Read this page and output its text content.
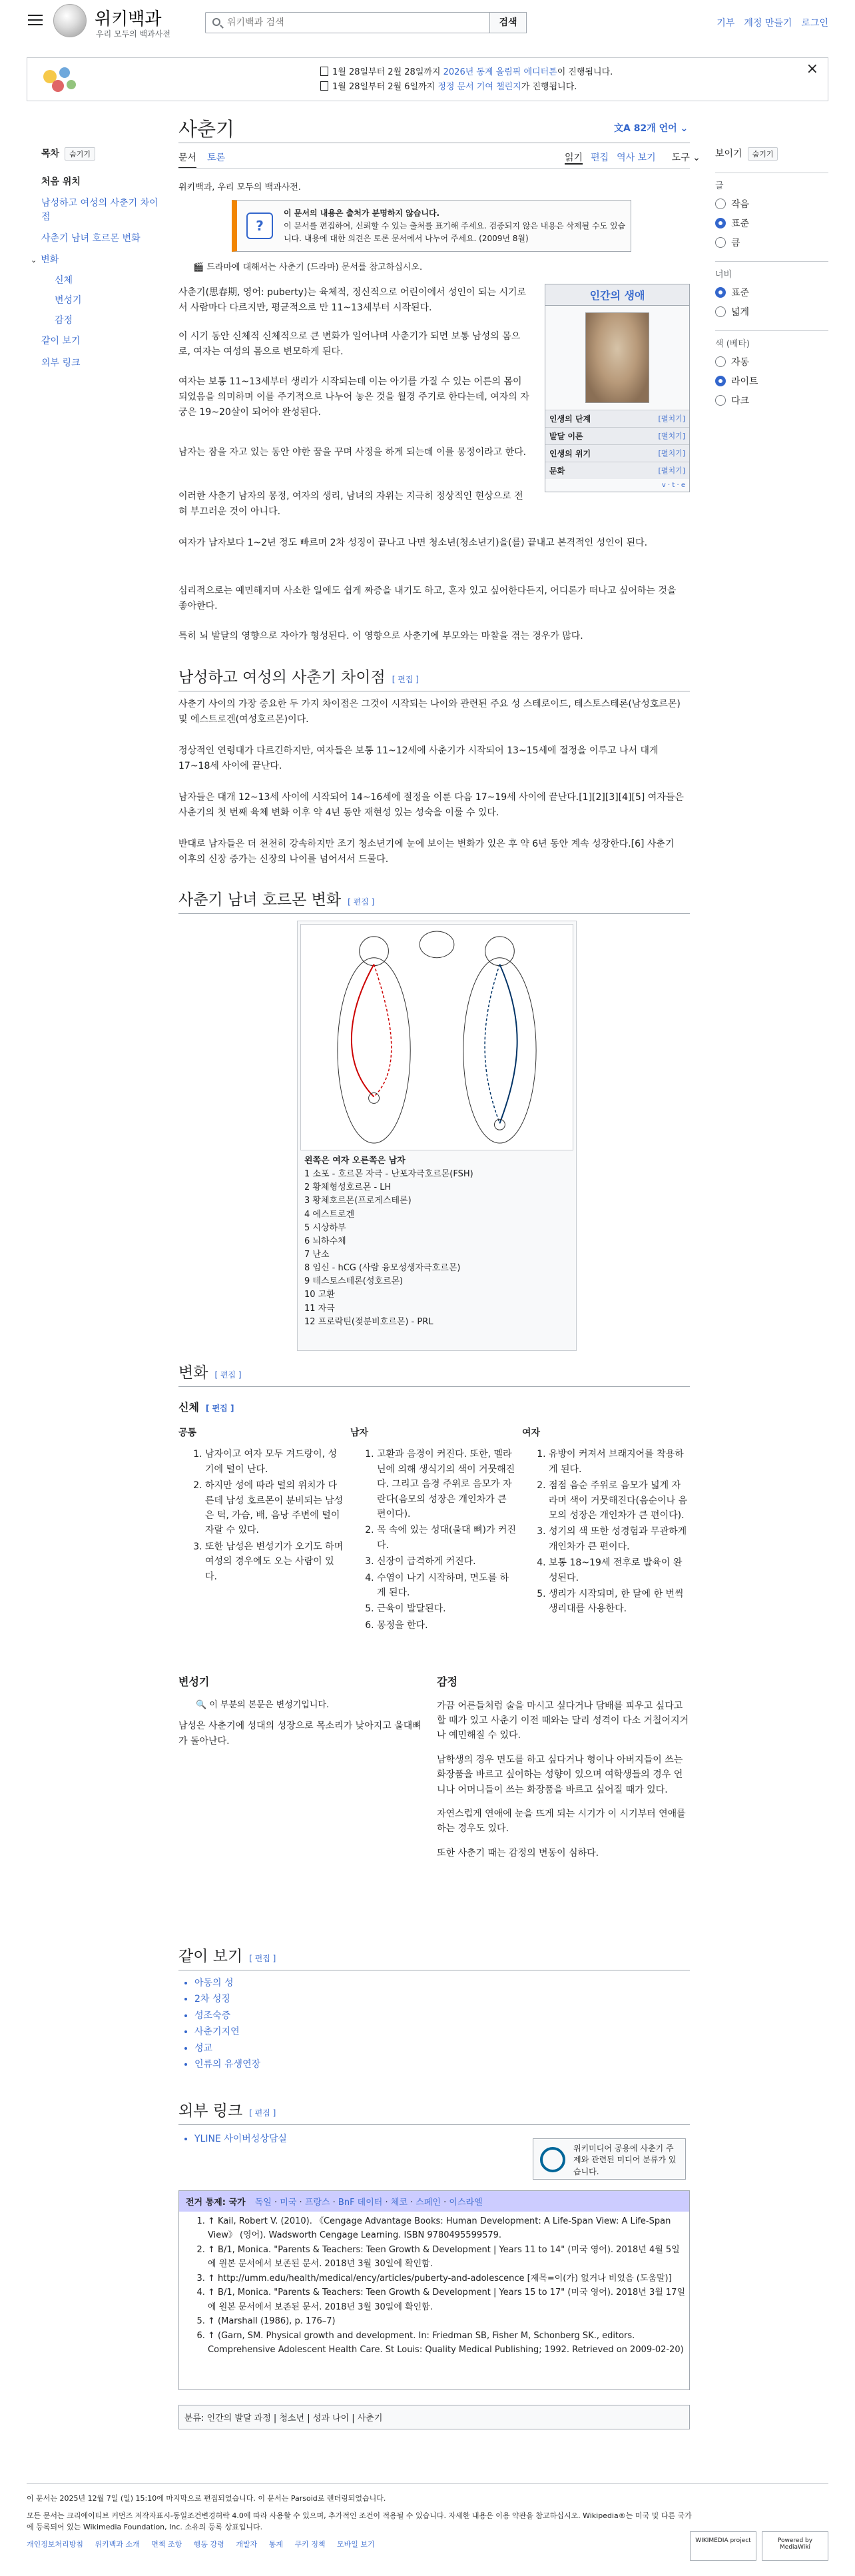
위키백과
우리 모두의 백과사전
위키백과 검색
검색	기부 계정 만들기 로그인
1월 28일부터 2월 28일까지 2026년 동계 올림픽 에디터톤이 진행됩니다.
1월 28일부터 2월 6일까지 정정 문서 기여 챌린지가 진행됩니다.
×
목차 숨기기
처음 위치
남성하고 여성의 사춘기 차이점
사춘기 남녀 호르몬 변화
⌄ 변화
신체
변성기
감정
같이 보기
외부 링크
보이기 숨기기
글
작음
표준
큼
너비
표준
넓게
색 (베타)
자동
라이트
다크
사춘기	文A 82개 언어 ⌄
문서 토론	읽기 편집 역사 보기 도구 ⌄
위키백과, 우리 모두의 백과사전.
?
이 문서의 내용은 출처가 분명하지 않습니다.
이 문서를 편집하여, 신뢰할 수 있는 출처를 표기해 주세요. 검증되지 않은 내용은 삭제될 수도 있습니다. 내용에 대한 의견은 토론 문서에서 나누어 주세요. (2009년 8월)
🎬 드라마에 대해서는 사춘기 (드라마) 문서를 참고하십시오.
인간의 생애
인생의 단계	[펼치기]
발달 이론	[펼치기]
인생의 위기	[펼치기]
문화	[펼치기]
v · t · e
사춘기(思春期, 영어: puberty)는 육체적, 정신적으로 어린이에서 성인이 되는 시기로서 사람마다 다르지만, 평균적으로 만 11~13세부터 시작된다.
이 시기 동안 신체적 신체적으로 큰 변화가 일어나며 사춘기가 되면 보통 남성의 몸으로, 여자는 여성의 몸으로 변모하게 된다.
여자는 보통 11~13세부터 생리가 시작되는데 이는 아기를 가질 수 있는 어른의 몸이 되었음을 의미하며 이를 주기적으로 나누어 놓은 것을 월경 주기로 한다는데, 여자의 자궁은 19~20살이 되어야 완성된다.
남자는 잠을 자고 있는 동안 야한 꿈을 꾸며 사정을 하게 되는데 이를 몽정이라고 한다.
이러한 사춘기 남자의 몽정, 여자의 생리, 남녀의 자위는 지극히 정상적인 현상으로 전혀 부끄러운 것이 아니다.
여자가 남자보다 1~2년 정도 빠르며 2차 성징이 끝나고 나면 청소년(청소년기)을(를) 끝내고 본격적인 성인이 된다.
심리적으로는 예민해지며 사소한 일에도 쉽게 짜증을 내기도 하고, 혼자 있고 싶어한다든지, 어디론가 떠나고 싶어하는 것을 좋아한다.
특히 뇌 발달의 영향으로 자아가 형성된다. 이 영향으로 사춘기에 부모와는 마찰을 겪는 경우가 많다.
남성하고 여성의 사춘기 차이점 [ 편집 ]
사춘기 사이의 가장 중요한 두 가지 차이점은 그것이 시작되는 나이와 관련된 주요 성 스테로이드, 테스토스테론(남성호르몬) 및 에스트로겐(여성호르몬)이다.
정상적인 연령대가 다르긴하지만, 여자들은 보통 11~12세에 사춘기가 시작되어 13~15세에 절정을 이루고 나서 대게 17~18세 사이에 끝난다.
남자들은 대개 12~13세 사이에 시작되어 14~16세에 절정을 이룬 다음 17~19세 사이에 끝난다.[1][2][3][4][5] 여자들은 사춘기의 첫 번째 육체 변화 이후 약 4년 동안 재현성 있는 성숙을 이룰 수 있다.
반대로 남자들은 더 천천히 강속하지만 조기 청소년기에 눈에 보이는 변화가 있은 후 약 6년 동안 계속 성장한다.[6] 사춘기 이후의 신장 증가는 신장의 나이를 넘어서서 드물다.
사춘기 남녀 호르몬 변화 [ 편집 ]
왼쪽은 여자 오른쪽은 남자
1 소포 - 호르몬 자극 - 난포자극호르몬(FSH)
2 황체형성호르몬 - LH
3 황체호르몬(프로게스테론)
4 에스트로겐
5 시상하부
6 뇌하수체
7 난소
8 임신 - hCG (사람 융모성생자극호르몬)
9 테스토스테론(성호르몬)
10 고환
11 자극
12 프로락틴(젖분비호르몬) - PRL
변화 [ 편집 ]
신체 [ 편집 ]
공통
1. 남자이고 여자 모두 겨드랑이, 성기에 털이 난다.
2. 하지만 성에 따라 털의 위치가 다른데 남성 호르몬이 분비되는 남성은 턱, 가슴, 배, 음낭 주변에 털이 자랄 수 있다.
3. 또한 남성은 변성기가 오기도 하며 여성의 경우에도 오는 사람이 있다.
남자
1. 고환과 음경이 커진다. 또한, 멜라닌에 의해 생식기의 색이 거뭇해진다. 그리고 음경 주위로 음모가 자란다(음모의 성장은 개인차가 큰 편이다).
2. 목 속에 있는 성대(울대 뼈)가 커진다.
3. 신장이 급격하게 커진다.
4. 수염이 나기 시작하며, 면도를 하게 된다.
5. 근육이 발달된다.
6. 몽정을 한다.
여자
1. 유방이 커져서 브래지어를 착용하게 된다.
2. 점점 음순 주위로 음모가 넓게 자라며 색이 거뭇해진다(음순이나 음모의 성장은 개인차가 큰 편이다).
3. 성기의 색 또한 성경험과 무관하게 개인차가 큰 편이다.
4. 보통 18~19세 전후로 발육이 완성된다.
5. 생리가 시작되며, 한 달에 한 번씩 생리대를 사용한다.
변성기
🔍 이 부분의 본문은 변성기입니다.
남성은 사춘기에 성대의 성장으로 목소리가 낮아지고 울대뼈가 돌아난다.
감정
가끔 어른들처럼 술을 마시고 싶다거나 담배를 피우고 싶다고 할 때가 있고 사춘기 이전 때와는 달리 성격이 다소 거칠어지거나 예민해질 수 있다.
남학생의 경우 면도를 하고 싶다거나 형이나 아버지들이 쓰는 화장품을 바르고 싶어하는 성향이 있으며 여학생들의 경우 언니나 어머니들이 쓰는 화장품을 바르고 싶어질 때가 있다.
자연스럽게 연애에 눈을 뜨게 되는 시기가 이 시기부터 연애를 하는 경우도 있다.
또한 사춘기 때는 감정의 변동이 심하다.
같이 보기 [ 편집 ]
• 아동의 성
• 2차 성징
• 성조숙증
• 사춘기지연
• 성교
• 인류의 유생연장
외부 링크 [ 편집 ]
• YLINE 사이버성상담실
위키미디어 공용에 사춘기 주제와 관련된 미디어 분류가 있습니다.
전거 통제: 국가 독일 · 미국 · 프랑스 · BnF 데이터 · 체코 · 스페인 · 이스라엘
1. ↑ Kail, Robert V. (2010). 《Cengage Advantage Books: Human Development: A Life-Span View: A Life-Span View》 (영어). Wadsworth Cengage Learning. ISBN 9780495599579.
2. ↑ B/1, Monica. "Parents & Teachers: Teen Growth & Development | Years 11 to 14" (미국 영어). 2018년 4월 5일에 원본 문서에서 보존된 문서. 2018년 3월 30일에 확인함.
3. ↑ http://umm.edu/health/medical/ency/articles/puberty-and-adolescence [제목=이(가) 없거나 비었음 (도움말)]
4. ↑ B/1, Monica. "Parents & Teachers: Teen Growth & Development | Years 15 to 17" (미국 영어). 2018년 3월 17일에 원본 문서에서 보존된 문서. 2018년 3월 30일에 확인함.
5. ↑ (Marshall (1986), p. 176–7)
6. ↑ (Garn, SM. Physical growth and development. In: Friedman SB, Fisher M, Schonberg SK., editors. Comprehensive Adolescent Health Care. St Louis: Quality Medical Publishing; 1992. Retrieved on 2009-02-20)
분류: 인간의 발달 과정 | 청소년 | 성과 나이 | 사춘기
이 문서는 2025년 12월 7일 (일) 15:10에 마지막으로 편집되었습니다. 이 문서는 Parsoid로 렌더링되었습니다.
모든 문서는 크리에이티브 커먼즈 저작자표시-동일조건변경허락 4.0에 따라 사용할 수 있으며, 추가적인 조건이 적용될 수 있습니다. 자세한 내용은 이용 약관을 참고하십시오. Wikipedia®는 미국 및 다른 국가에 등록되어 있는 Wikimedia Foundation, Inc. 소유의 등록 상표입니다.
개인정보처리방침 위키백과 소개 면책 조항 행동 강령 개발자 통계 쿠키 정책 모바일 보기	WIKIMEDIA project	Powered by MediaWiki
